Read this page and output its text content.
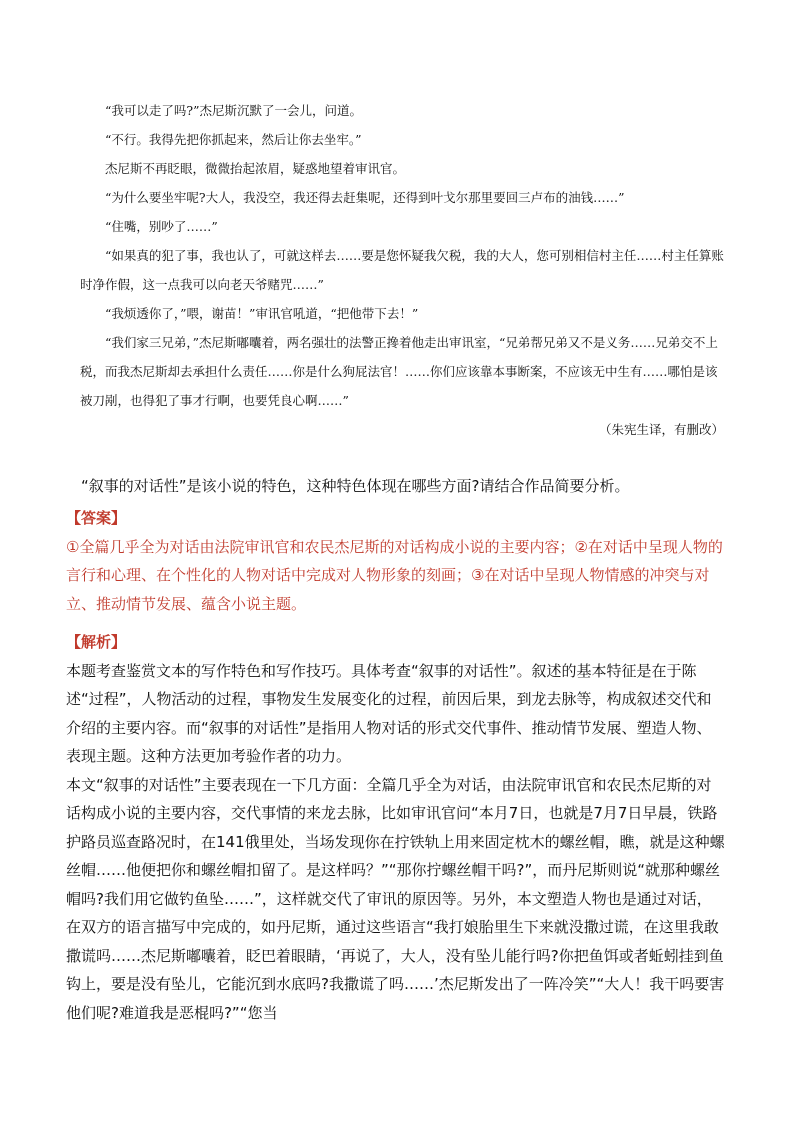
“我可以走了吗?”杰尼斯沉默了一会儿，问道。

“不行。我得先把你抓起来，然后让你去坐牢。”

杰尼斯不再眨眼，微微抬起浓眉，疑惑地望着审讯官。

“为什么要坐牢呢?大人，我没空，我还得去赶集呢，还得到叶戈尔那里要回三卢布的油钱……”

“住嘴，别吵了……”

“如果真的犯了事，我也认了，可就这样去……要是您怀疑我欠税，我的大人，您可别相信村主任……村主任算账时净作假，这一点我可以向老天爷赌咒……”

“我烦透你了，”喂，谢苗！”审讯官吼道，“把他带下去！”

“我们家三兄弟，”杰尼斯嘟囔着，两名强壮的法警正搀着他走出审讯室，“兄弟帮兄弟又不是义务……兄弟交不上税，而我杰尼斯却去承担什么责任……你是什么狗屁法官！……你们应该靠本事断案，不应该无中生有……哪怕是该被刀剐，也得犯了事才行啊，也要凭良心啊……”

（朱宪生译，有删改）

“叙事的对话性”是该小说的特色，这种特色体现在哪些方面?请结合作品简要分析。

【答案】

①全篇几乎全为对话由法院审讯官和农民杰尼斯的对话构成小说的主要内容；②在对话中呈现人物的言行和心理、在个性化的人物对话中完成对人物形象的刻画；③在对话中呈现人物情感的冲突与对立、推动情节发展、蕴含小说主题。

【解析】

本题考查鉴赏文本的写作特色和写作技巧。具体考查“叙事的对话性”。叙述的基本特征是在于陈述“过程”，人物活动的过程，事物发生发展变化的过程，前因后果，到龙去脉等，构成叙述交代和介绍的主要内容。而“叙事的对话性”是指用人物对话的形式交代事件、推动情节发展、塑造人物、表现主题。这种方法更加考验作者的功力。

本文“叙事的对话性”主要表现在一下几方面：全篇几乎全为对话，由法院审讯官和农民杰尼斯的对话构成小说的主要内容，交代事情的来龙去脉，比如审讯官问“本月7日，也就是7月7日早晨，铁路护路员巡查路况时，在141俄里处，当场发现你在拧铁轨上用来固定枕木的螺丝帽，瞧，就是这种螺丝帽……他便把你和螺丝帽扣留了。是这样吗？”“那你拧螺丝帽干吗?”，而丹尼斯则说“就那种螺丝帽吗?我们用它做钓鱼坠……”，这样就交代了审讯的原因等。另外，本文塑造人物也是通过对话，在双方的语言描写中完成的，如丹尼斯，通过这些语言“我打娘胎里生下来就没撒过谎，在这里我敢撒谎吗……杰尼斯嘟囔着，眨巴着眼睛，‘再说了，大人，没有坠儿能行吗?你把鱼饵或者蚯蚓挂到鱼钩上，要是没有坠儿，它能沉到水底吗?我撒谎了吗……’杰尼斯发出了一阵冷笑”“大人！我干吗要害他们呢?难道我是恶棍吗?”“您当
